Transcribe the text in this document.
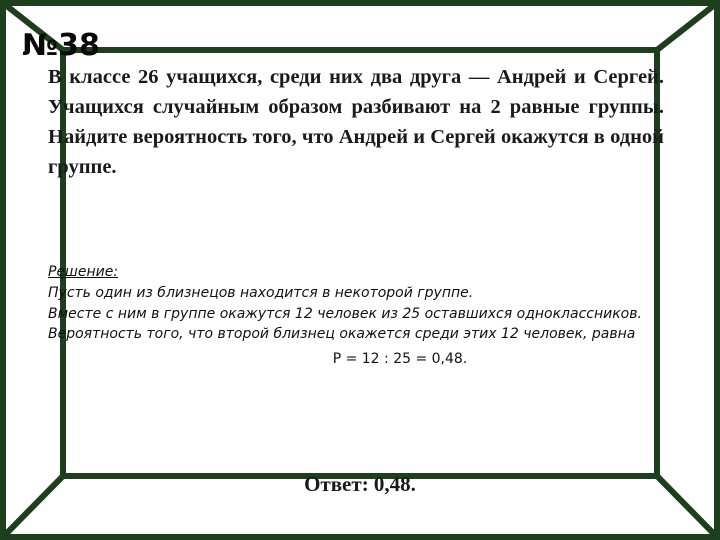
№38
В классе 26 учащихся, среди них два друга — Андрей и Сергей. Учащихся случайным образом разбивают на 2 равные группы. Найдите вероятность того, что Андрей и Сергей окажутся в одной группе.

Решение:

Пусть один из близнецов находится в некоторой группе.

Вместе с ним в группе окажутся 12 человек из 25 оставшихся одноклассников.

Вероятность того, что второй близнец окажется среди этих 12 человек, равна

P = 12 : 25 = 0,48.

Ответ: 0,48.
